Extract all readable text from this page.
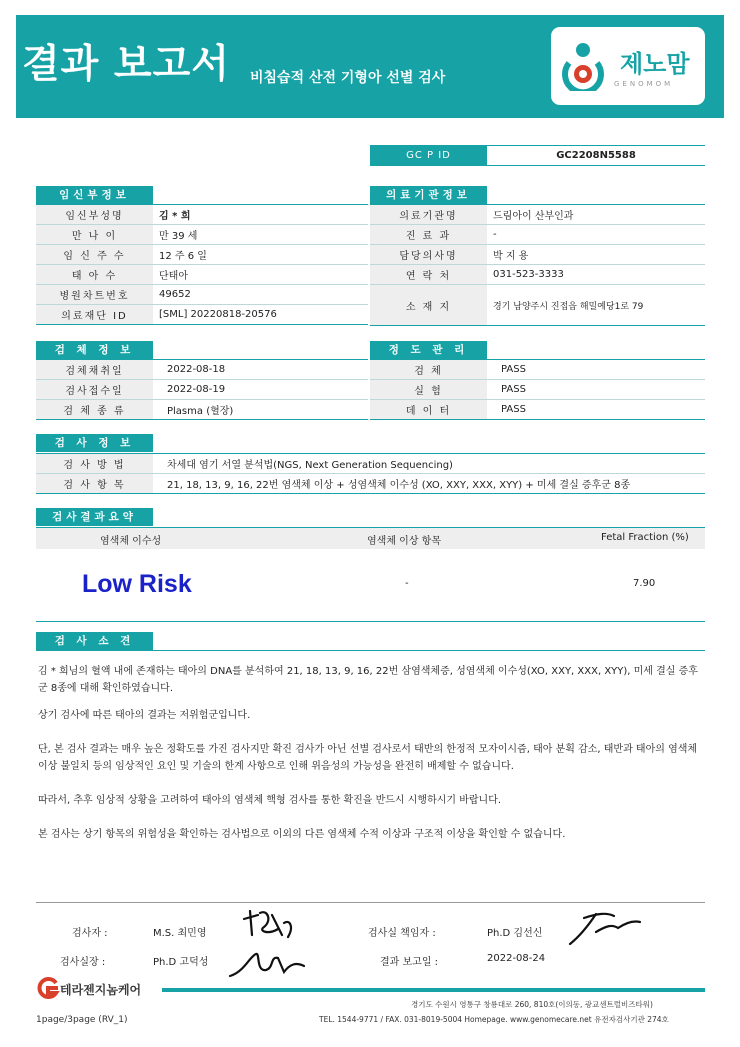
결과 보고서 비침습적 산전 기형아 선별 검사	제노맘
GENOMOM
GC P ID	GC2208N5588
임신부정보	의료기관정보
임신부성명	김 * 희
만 나 이	만 39 세
임 신 주 수	12 주 6 일
태 아 수	단태아
병원차트번호	49652
의료재단 ID	[SML] 20220818-20576
의료기관명	드림아이 산부인과
진 료 과	-
담당의사명	박 지 용
연 락 처	031-523-3333
소 재 지	경기 남양주시 진접읍 해밀예당1로 79
검 체 정 보	정 도 관 리
검체채취일	2022-08-18
검사접수일	2022-08-19
검 체 종 류	Plasma (혈장)
검 체	PASS
실 험	PASS
데 이 터	PASS
검 사 정 보
검 사 방 법	차세대 염기 서열 분석법(NGS, Next Generation Sequencing)
검 사 항 목	21, 18, 13, 9, 16, 22번 염색체 이상 + 성염색체 이수성 (XO, XXY, XXX, XYY) + 미세 결실 증후군 8종
검사결과요약
염색체 이수성	염색체 이상 항목	Fetal Fraction (%)
Low Risk	-	7.90
검 사 소 견
김 * 희님의 혈액 내에 존재하는 태아의 DNA를 분석하여 21, 18, 13, 9, 16, 22번 삼염색체증, 성염색체 이수성(XO, XXY, XXX, XYY), 미세 결실 증후군 8종에 대해 확인하였습니다.
상기 검사에 따른 태아의 결과는 저위험군입니다.
단, 본 검사 결과는 매우 높은 정확도를 가진 검사지만 확진 검사가 아닌 선별 검사로서 태반의 한정적 모자이시즘, 태아 분획 감소, 태반과 태아의 염색체 이상 불일치 등의 임상적인 요인 및 기술의 한계 사항으로 인해 위음성의 가능성을 완전히 배제할 수 없습니다.
따라서, 추후 임상적 상황을 고려하여 태아의 염색체 핵형 검사를 통한 확진을 반드시 시행하시기 바랍니다.
본 검사는 상기 항목의 위험성을 확인하는 검사법으로 이외의 다른 염색체 수적 이상과 구조적 이상을 확인할 수 없습니다.
검사자 :	M.S. 최민영
검사실장 :	Ph.D 고덕성
검사실 책임자 :	Ph.D 김선신
결과 보고일 :	2022-08-24
테라젠지놈케어
경기도 수원시 영통구 창룡대로 260, 810호(이의동, 광교센트럴비즈타워)
1page/3page (RV_1)	TEL. 1544-9771 / FAX. 031-8019-5004 Homepage. www.genomecare.net 유전자검사기관 274호
